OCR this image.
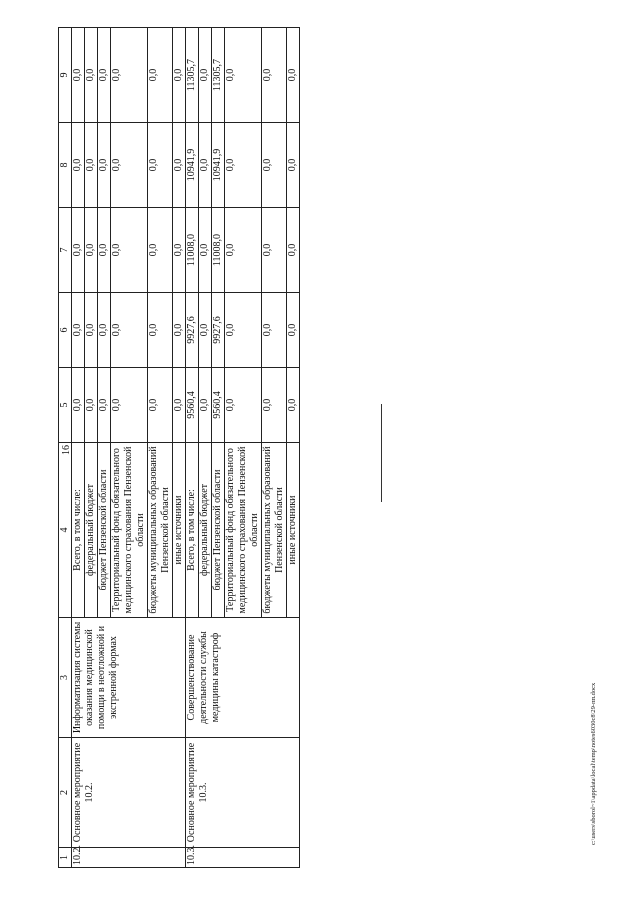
16
c:\users\sborol~1\appdata\local\temp\notes6030c8\29-пп.docx
1	2	3	4	5	6	7	8	9
10.2.	Основное мероприятие 10.2.	Информатизация системы оказания медицинской помощи в неотложной и экстренной формах	Всего, в том числе:	0,0	0,0	0,0	0,0	0,0
			федеральный бюджет	0,0	0,0	0,0	0,0	0,0
			бюджет Пензенской области	0,0	0,0	0,0	0,0	0,0
			Территориальный фонд обязательного медицинского страхования Пензенской области	0,0	0,0	0,0	0,0	0,0
			бюджеты муниципальных образований Пензенской области	0,0	0,0	0,0	0,0	0,0
			иные источники	0,0	0,0	0,0	0,0	0,0
10.3.	Основное мероприятие 10.3.	Совершенствование деятельности службы медицины катастроф	Всего, в том числе:	9560,4	9927,6	11008,0	10941,9	11305,7
			федеральный бюджет	0,0	0,0	0,0	0,0	0,0
			бюджет Пензенской области	9560,4	9927,6	11008,0	10941,9	11305,7
			Территориальный фонд обязательного медицинского страхования Пензенской области	0,0	0,0	0,0	0,0	0,0
			бюджеты муниципальных образований Пензенской области	0,0	0,0	0,0	0,0	0,0
			иные источники	0,0	0,0	0,0	0,0	0,0
